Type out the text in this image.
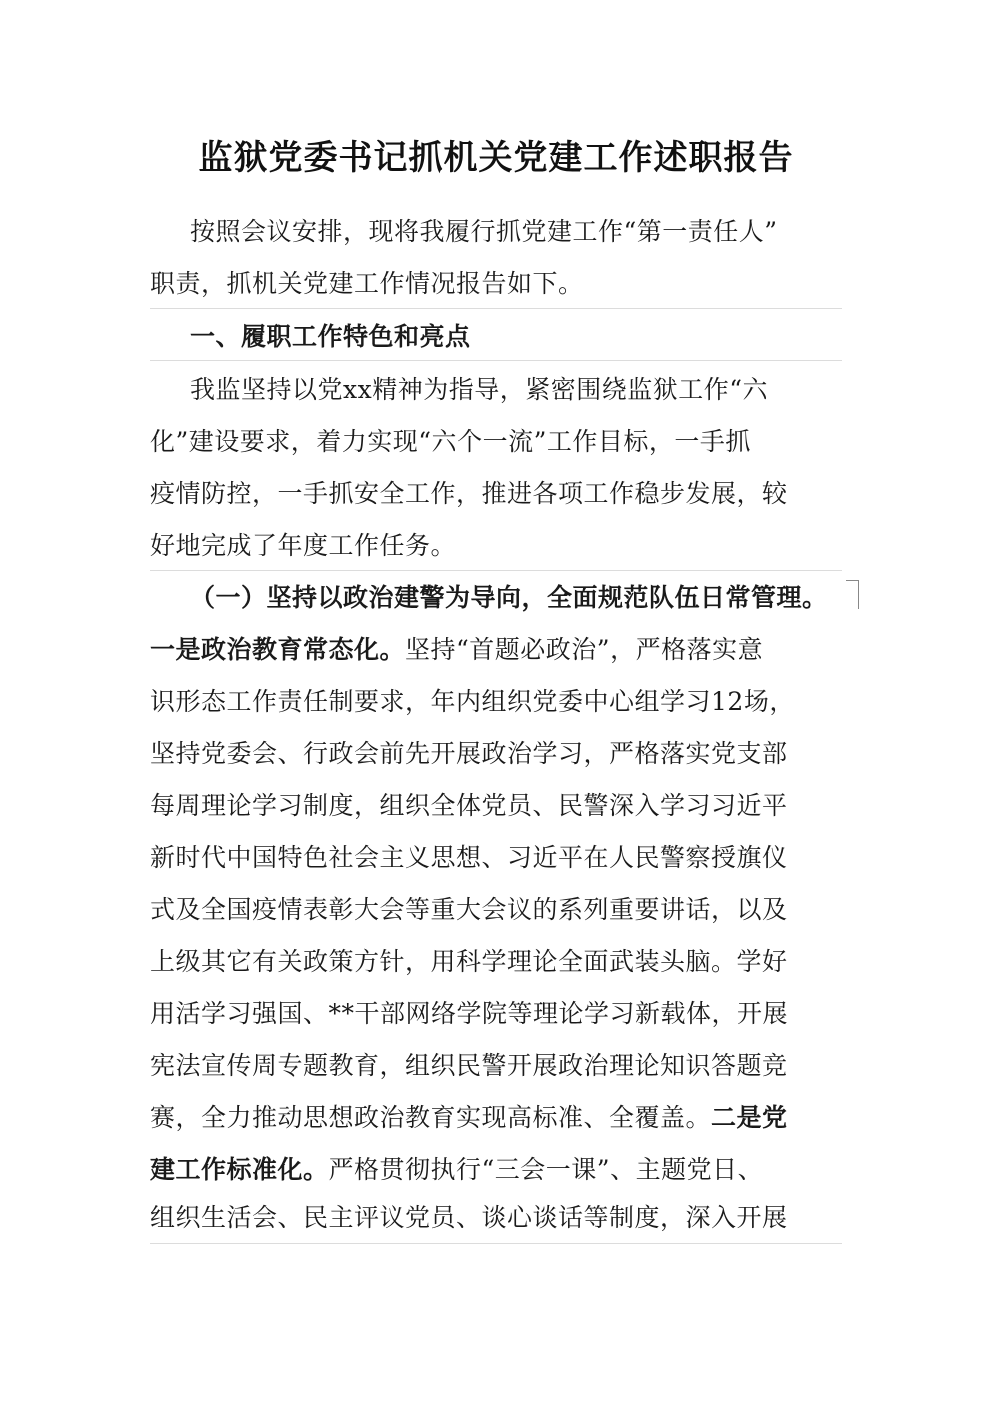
监狱党委书记抓机关党建工作述职报告
按照会议安排，现将我履行抓党建工作“第一责任人”
职责，抓机关党建工作情况报告如下。
一、履职工作特色和亮点
我监坚持以党xx精神为指导，紧密围绕监狱工作“六
化”建设要求，着力实现“六个一流”工作目标，一手抓
疫情防控，一手抓安全工作，推进各项工作稳步发展，较
好地完成了年度工作任务。
（一）坚持以政治建警为导向，全面规范队伍日常管理。
一是政治教育常态化。坚持“首题必政治”，严格落实意
识形态工作责任制要求，年内组织党委中心组学习12场，
坚持党委会、行政会前先开展政治学习，严格落实党支部
每周理论学习制度，组织全体党员、民警深入学习习近平
新时代中国特色社会主义思想、习近平在人民警察授旗仪
式及全国疫情表彰大会等重大会议的系列重要讲话，以及
上级其它有关政策方针，用科学理论全面武装头脑。学好
用活学习强国、**干部网络学院等理论学习新载体，开展
宪法宣传周专题教育，组织民警开展政治理论知识答题竞
赛，全力推动思想政治教育实现高标准、全覆盖。二是党
建工作标准化。严格贯彻执行“三会一课”、主题党日、
组织生活会、民主评议党员、谈心谈话等制度，深入开展
